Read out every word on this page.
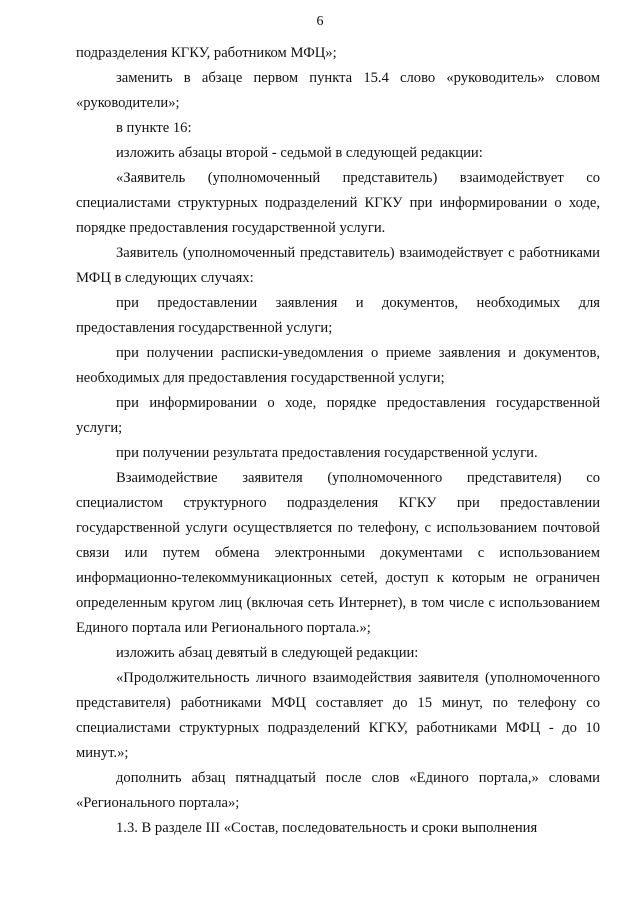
6

подразделения КГКУ, работником МФЦ»;

заменить в абзаце первом пункта 15.4 слово «руководитель» словом «руководители»;

в пункте 16:

изложить абзацы второй - седьмой в следующей редакции:

«Заявитель (уполномоченный представитель) взаимодействует со специалистами структурных подразделений КГКУ при информировании о ходе, порядке предоставления государственной услуги.

Заявитель (уполномоченный представитель) взаимодействует с работниками МФЦ в следующих случаях:

при предоставлении заявления и документов, необходимых для предоставления государственной услуги;

при получении расписки-уведомления о приеме заявления и документов, необходимых для предоставления государственной услуги;

при информировании о ходе, порядке предоставления государственной услуги;

при получении результата предоставления государственной услуги.

Взаимодействие заявителя (уполномоченного представителя) со специалистом структурного подразделения КГКУ при предоставлении государственной услуги осуществляется по телефону, с использованием почтовой связи или путем обмена электронными документами с использованием информационно-телекоммуникационных сетей, доступ к которым не ограничен определенным кругом лиц (включая сеть Интернет), в том числе с использованием Единого портала или Регионального портала.»;

изложить абзац девятый в следующей редакции:

«Продолжительность личного взаимодействия заявителя (уполномоченного представителя) работниками МФЦ составляет до 15 минут, по телефону со специалистами структурных подразделений КГКУ, работниками МФЦ - до 10 минут.»;

дополнить абзац пятнадцатый после слов «Единого портала,» словами «Регионального портала»;

1.3. В разделе III «Состав, последовательность и сроки выполнения
